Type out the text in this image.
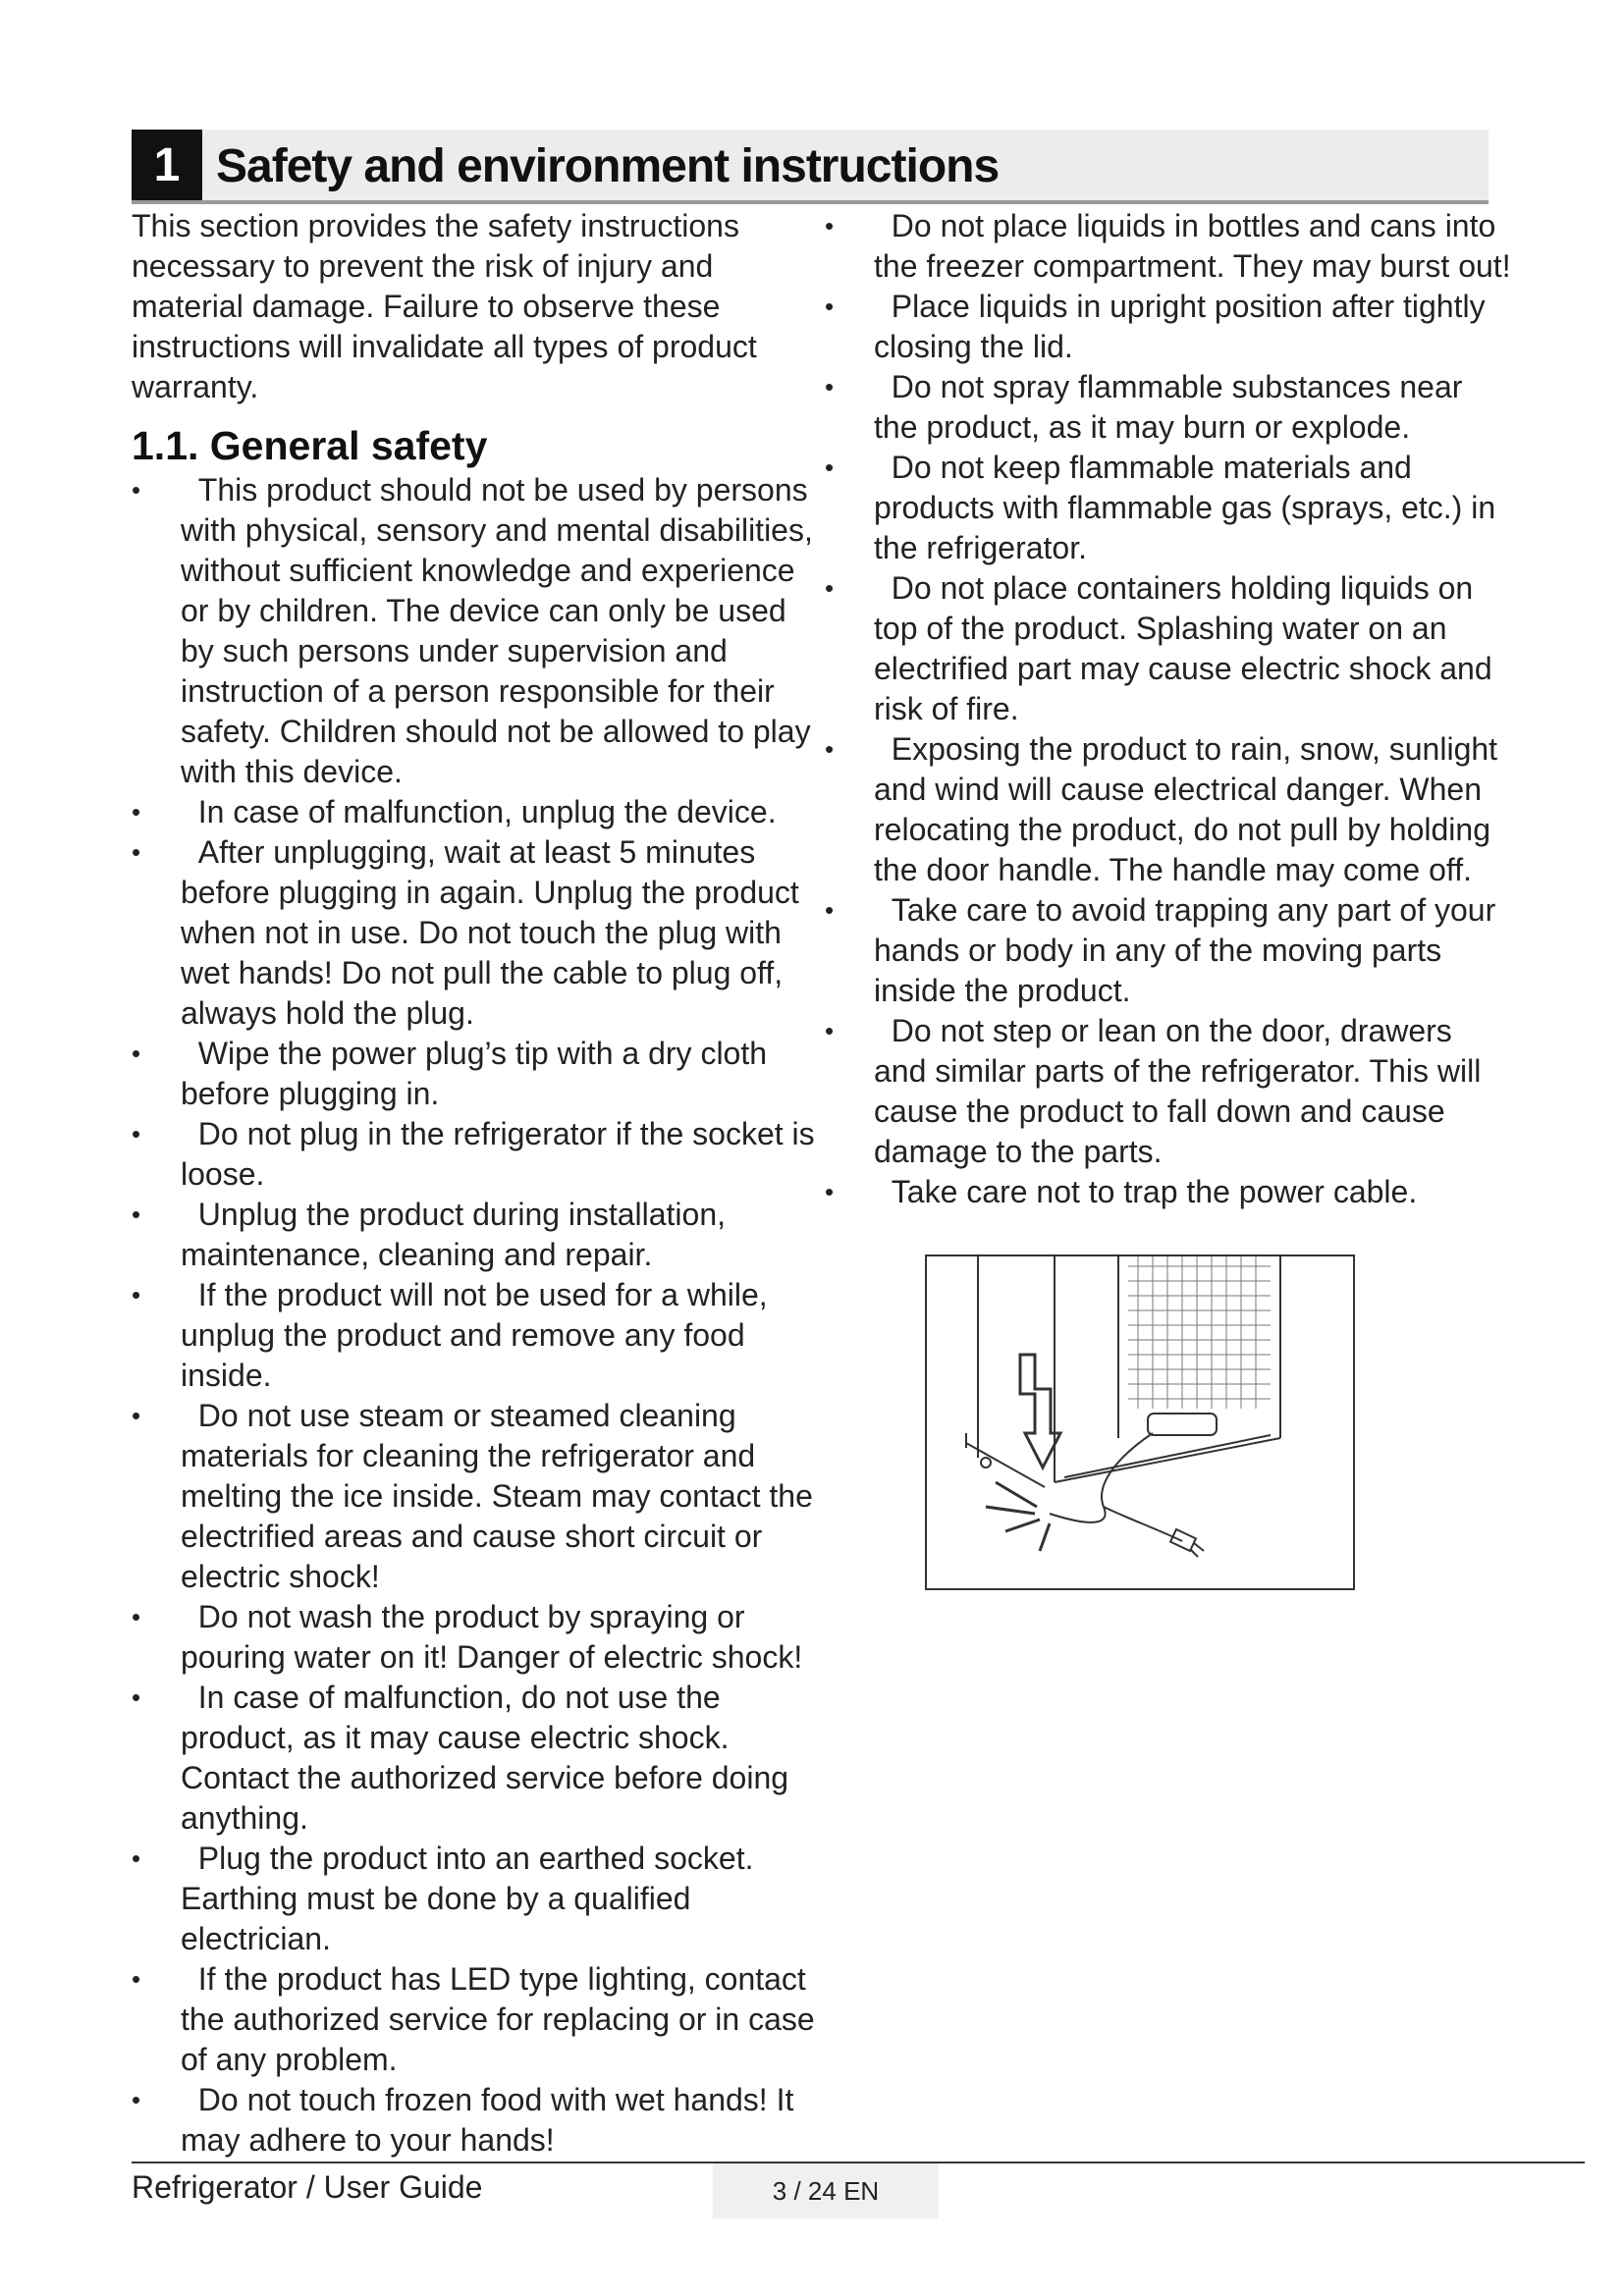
1 Safety and environment instructions

This section provides the safety instructions necessary to prevent the risk of injury and material damage. Failure to observe these instructions will invalidate all types of product warranty.

1.1. General safety
• This product should not be used by persons with physical, sensory and mental disabilities, without sufficient knowledge and experience or by children. The device can only be used by such persons under supervision and instruction of a person responsible for their safety. Children should not be allowed to play with this device.
• In case of malfunction, unplug the device.
• After unplugging, wait at least 5 minutes before plugging in again. Unplug the product when not in use. Do not touch the plug with wet hands! Do not pull the cable to plug off, always hold the plug.
• Wipe the power plug’s tip with a dry cloth before plugging in.
• Do not plug in the refrigerator if the socket is loose.
• Unplug the product during installation, maintenance, cleaning and repair.
• If the product will not be used for a while, unplug the product and remove any food inside.
• Do not use steam or steamed cleaning materials for cleaning the refrigerator and melting the ice inside. Steam may contact the electrified areas and cause short circuit or electric shock!
• Do not wash the product by spraying or pouring water on it! Danger of electric shock!
• In case of malfunction, do not use the product, as it may cause electric shock. Contact the authorized service before doing anything.
• Plug the product into an earthed socket. Earthing must be done by a qualified electrician.
• If the product has LED type lighting, contact the authorized service for replacing or in case of any problem.
• Do not touch frozen food with wet hands! It may adhere to your hands!
• Do not place liquids in bottles and cans into the freezer compartment. They may burst out!
• Place liquids in upright position after tightly closing the lid.
• Do not spray flammable substances near the product, as it may burn or explode.
• Do not keep flammable materials and products with flammable gas (sprays, etc.) in the refrigerator.
• Do not place containers holding liquids on top of the product. Splashing water on an electrified part may cause electric shock and risk of fire.
• Exposing the product to rain, snow, sunlight and wind will cause electrical danger. When relocating the product, do not pull by holding the door handle. The handle may come off.
• Take care to avoid trapping any part of your hands or body in any of the moving parts inside the product.
• Do not step or lean on the door, drawers and similar parts of the refrigerator. This will cause the product to fall down and cause damage to the parts.
• Take care not to trap the power cable.
Refrigerator / User Guide	3 / 24 EN
